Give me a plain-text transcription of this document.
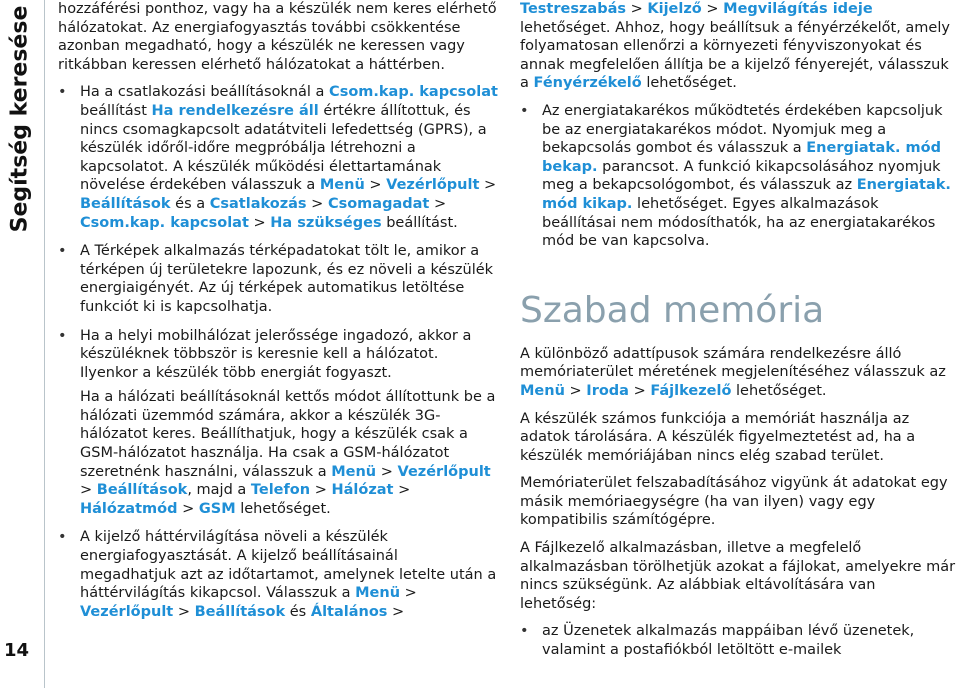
Segítség keresése
14

hozzáférési ponthoz, vagy ha a készülék nem keres elérhető hálózatokat. Az energiafogyasztás további csökkentése azonban megadható, hogy a készülék ne keressen vagy ritkábban keressen elérhető hálózatokat a háttérben.

• Ha a csatlakozási beállításoknál a Csom.kap. kapcsolat beállítást Ha rendelkezésre áll értékre állítottuk, és nincs csomagkapcsolt adatátviteli lefedettség (GPRS), a készülék időről-időre megpróbálja létrehozni a kapcsolatot. A készülék működési élettartamának növelése érdekében válasszuk a Menü > Vezérlőpult > Beállítások és a Csatlakozás > Csomagadat > Csom.kap. kapcsolat > Ha szükséges beállítást.
• A Térképek alkalmazás térképadatokat tölt le, amikor a térképen új területekre lapozunk, és ez növeli a készülék energiaigényét. Az új térképek automatikus letöltése funkciót ki is kapcsolhatja.

• Ha a helyi mobilhálózat jelerőssége ingadozó, akkor a készüléknek többször is keresnie kell a hálózatot. Ilyenkor a készülék több energiát fogyaszt.

Ha a hálózati beállításoknál kettős módot állítottunk be a hálózati üzemmód számára, akkor a készülék 3G-hálózatot keres. Beállíthatjuk, hogy a készülék csak a GSM-hálózatot használja. Ha csak a GSM-hálózatot szeretnénk használni, válasszuk a Menü > Vezérlőpult > Beállítások, majd a Telefon > Hálózat > Hálózatmód > GSM lehetőséget.

• A kijelző háttérvilágítása növeli a készülék energiafogyasztását. A kijelző beállításainál megadhatjuk azt az időtartamot, amelynek letelte után a háttérvilágítás kikapcsol. Válasszuk a Menü > Vezérlőpult > Beállítások és Általános >

Testreszabás > Kijelző > Megvilágítás ideje lehetőséget. Ahhoz, hogy beállítsuk a fényérzékelőt, amely folyamatosan ellenőrzi a környezeti fényviszonyokat és annak megfelelően állítja be a kijelző fényerejét, válasszuk a Fényérzékelő lehetőséget.

• Az energiatakarékos működtetés érdekében kapcsoljuk be az energiatakarékos módot. Nyomjuk meg a bekapcsolás gombot és válasszuk a Energiatak. mód bekap. parancsot. A funkció kikapcsolásához nyomjuk meg a bekapcsológombot, és válasszuk az Energiatak. mód kikap. lehetőséget. Egyes alkalmazások beállításai nem módosíthatók, ha az energiatakarékos mód be van kapcsolva.
Szabad memória

A különböző adattípusok számára rendelkezésre álló memóriaterület méretének megjelenítéséhez válasszuk az Menü > Iroda > Fájlkezelő lehetőséget.

A készülék számos funkciója a memóriát használja az adatok tárolására. A készülék figyelmeztetést ad, ha a készülék memóriájában nincs elég szabad terület.

Memóriaterület felszabadításához vigyünk át adatokat egy másik memóriaegységre (ha van ilyen) vagy egy kompatibilis számítógépre.

A Fájlkezelő alkalmazásban, illetve a megfelelő alkalmazásban törölhetjük azokat a fájlokat, amelyekre már nincs szükségünk. Az alábbiak eltávolítására van lehetőség:

• az Üzenetek alkalmazás mappáiban lévő üzenetek, valamint a postafiókból letöltött e-mailek
